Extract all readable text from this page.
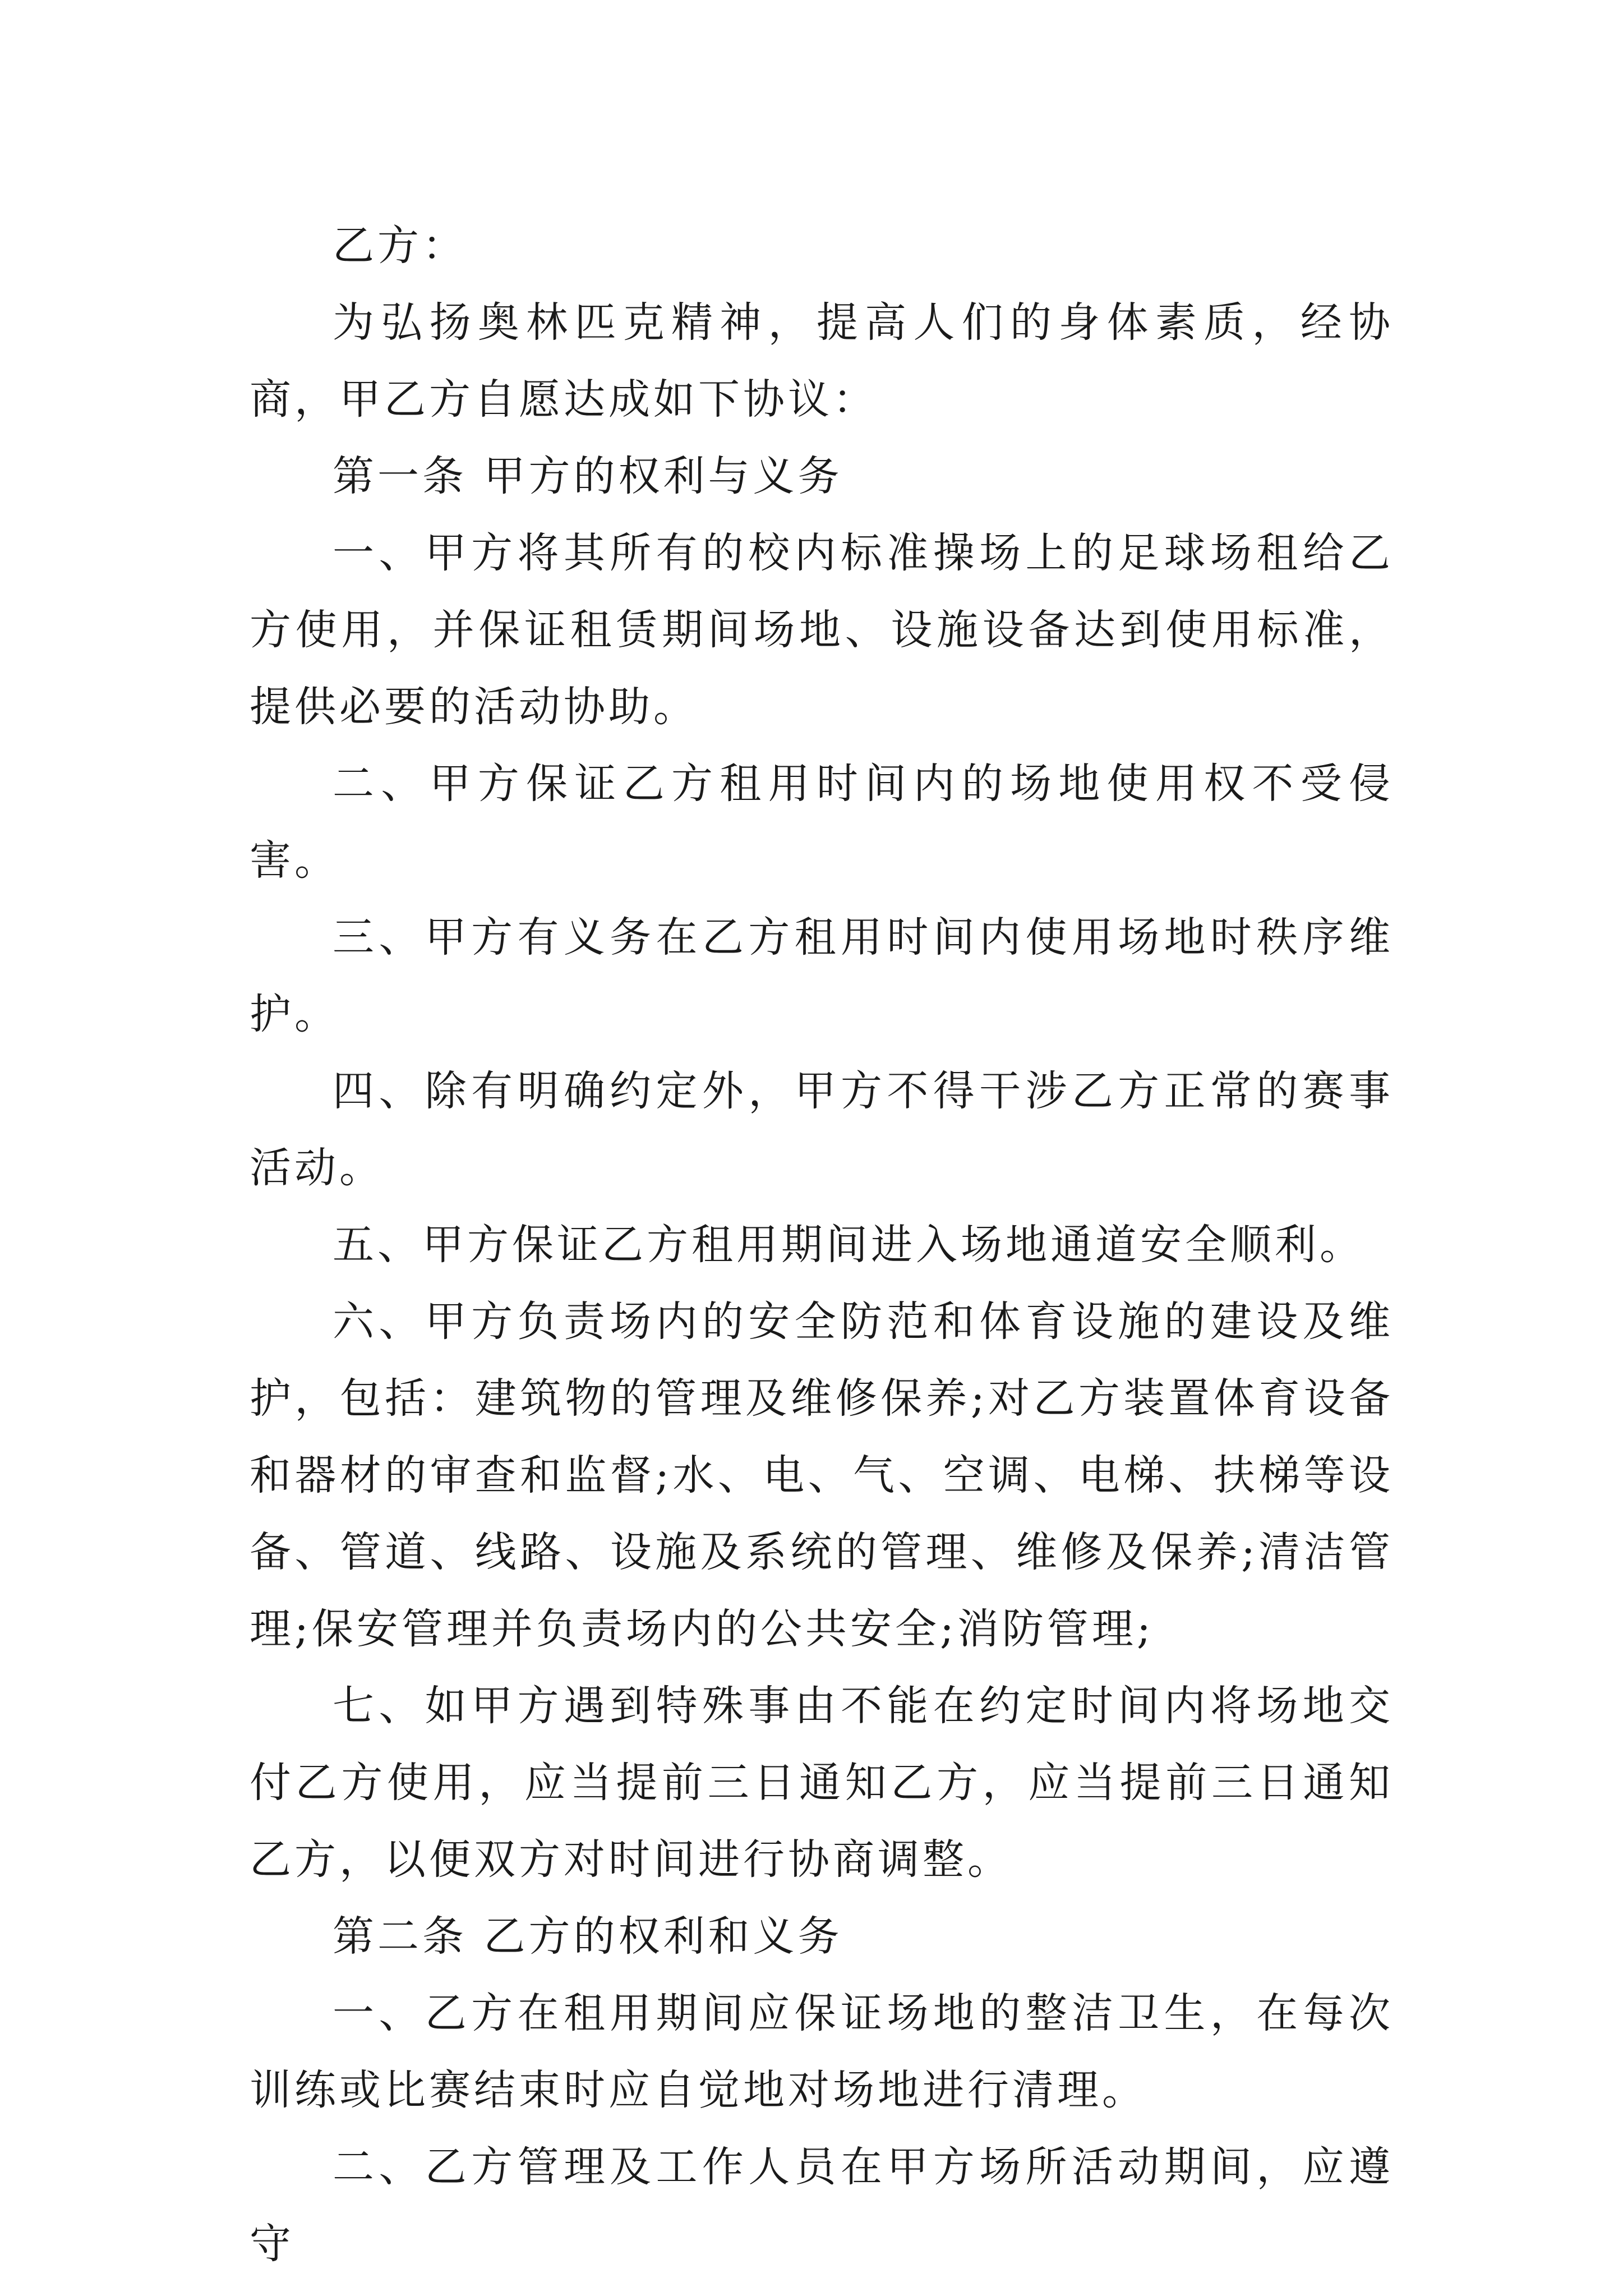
乙方：

为弘扬奥林匹克精神，提高人们的身体素质，经协商，甲乙方自愿达成如下协议：

第一条 甲方的权利与义务

一、甲方将其所有的校内标准操场上的足球场租给乙方使用，并保证租赁期间场地、设施设备达到使用标准，提供必要的活动协助。

二、甲方保证乙方租用时间内的场地使用权不受侵害。

三、甲方有义务在乙方租用时间内使用场地时秩序维护。

四、除有明确约定外，甲方不得干涉乙方正常的赛事活动。

五、甲方保证乙方租用期间进入场地通道安全顺利。

六、甲方负责场内的安全防范和体育设施的建设及维护，包括：建筑物的管理及维修保养;对乙方装置体育设备和器材的审查和监督;水、电、气、空调、电梯、扶梯等设备、管道、线路、设施及系统的管理、维修及保养;清洁管理;保安管理并负责场内的公共安全;消防管理;

七、如甲方遇到特殊事由不能在约定时间内将场地交付乙方使用，应当提前三日通知乙方，应当提前三日通知乙方，以便双方对时间进行协商调整。

第二条 乙方的权利和义务

一、乙方在租用期间应保证场地的整洁卫生，在每次训练或比赛结束时应自觉地对场地进行清理。

二、乙方管理及工作人员在甲方场所活动期间，应遵守
